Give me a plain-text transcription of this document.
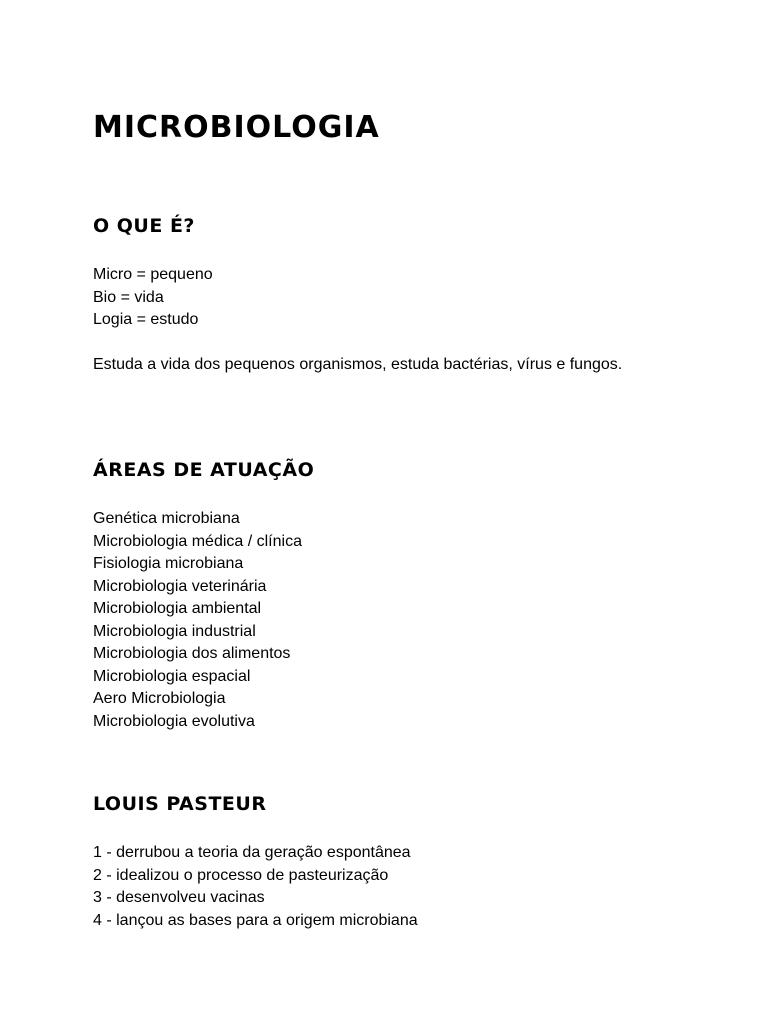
MICROBIOLOGIA
O QUE É?
Micro = pequeno
Bio = vida
Logia = estudo

Estuda a vida dos pequenos organismos, estuda bactérias, vírus e fungos.

ÁREAS DE ATUAÇÃO
Genética microbiana
Microbiologia médica / clínica
Fisiologia microbiana
Microbiologia veterinária
Microbiologia ambiental
Microbiologia industrial
Microbiologia dos alimentos
Microbiologia espacial
Aero Microbiologia
Microbiologia evolutiva
LOUIS PASTEUR
1 - derrubou a teoria da geração espontânea
2 - idealizou o processo de pasteurização
3 - desenvolveu vacinas
4 - lançou as bases para a origem microbiana
